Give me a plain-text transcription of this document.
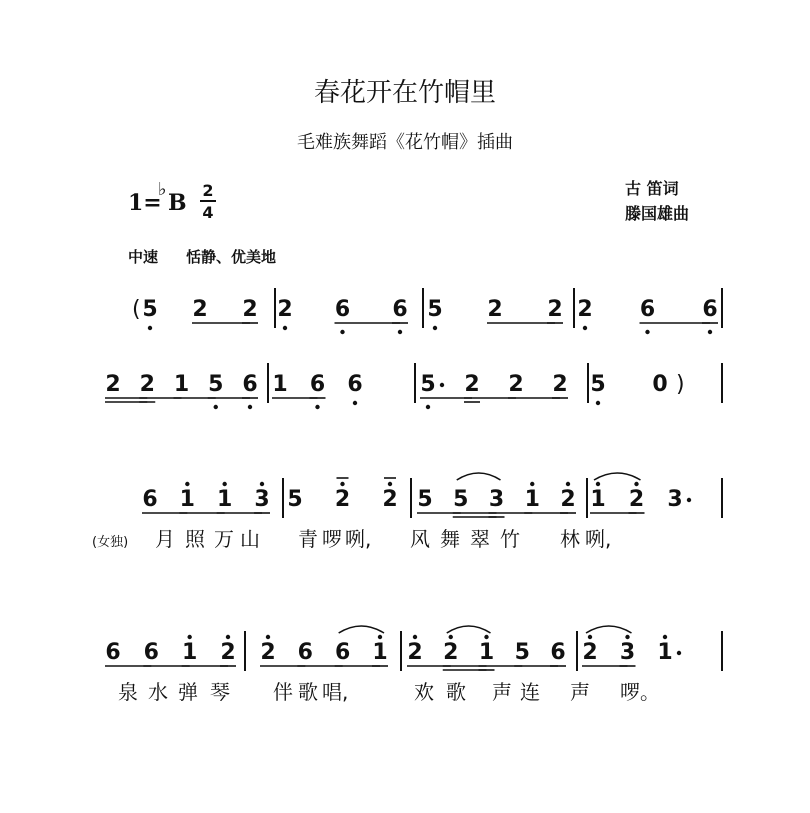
春花开在竹帽里
毛难族舞蹈《花竹帽》插曲
古 笛词
滕国雄曲
1=
♭
B 2
4
中速 恬静、优美地
(女独)
( 5 2 2 2 6 6 5 2 2 2 6 6
)
2 2 1 5 6 1 6 6	5 2 2 2 5 0
6 1 1 3 5 2 2 5 5 3 1 2 1 2 3
月 照 万 山 青 啰 咧, 风 舞 翠 竹 林 咧,
6 6 1 2 2 6 6 1 2 2 1 5 6 2 3 1
泉 水 弹 琴 伴 歌 唱,	欢 歌 声 连 声 啰。
